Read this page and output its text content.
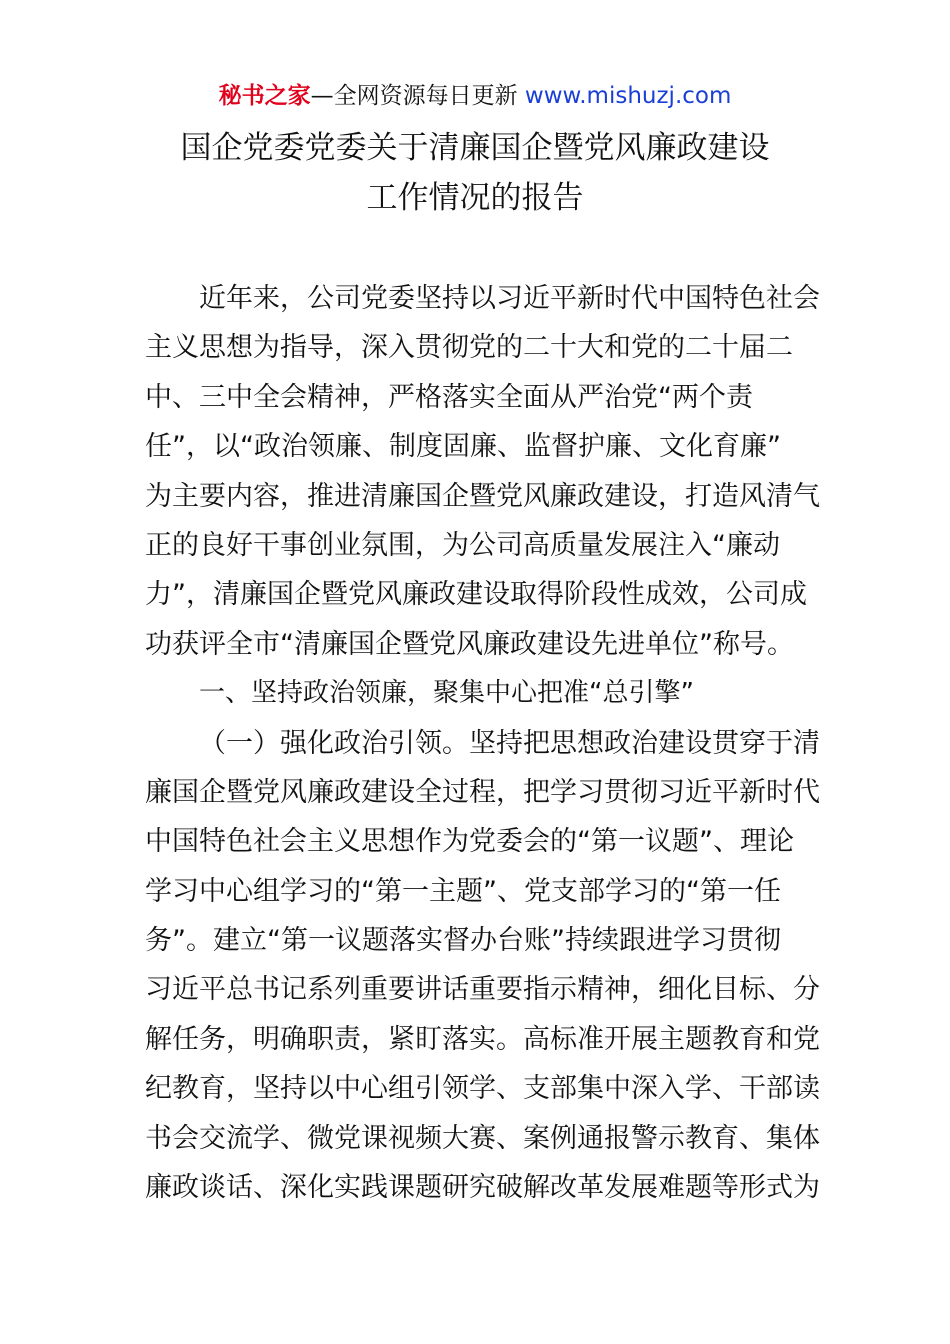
秘书之家—全网资源每日更新 www.mishuzj.com
国企党委党委关于清廉国企暨党风廉政建设
工作情况的报告
近年来，公司党委坚持以习近平新时代中国特色社会
主义思想为指导，深入贯彻党的二十大和党的二十届二
中、三中全会精神，严格落实全面从严治党“两个责
任”，以“政治领廉、制度固廉、监督护廉、文化育廉”
为主要内容，推进清廉国企暨党风廉政建设，打造风清气
正的良好干事创业氛围，为公司高质量发展注入“廉动
力”，清廉国企暨党风廉政建设取得阶段性成效，公司成
功获评全市“清廉国企暨党风廉政建设先进单位”称号。
一、坚持政治领廉，聚集中心把准“总引擎”
（一）强化政治引领。坚持把思想政治建设贯穿于清
廉国企暨党风廉政建设全过程，把学习贯彻习近平新时代
中国特色社会主义思想作为党委会的“第一议题”、理论
学习中心组学习的“第一主题”、党支部学习的“第一任
务”。建立“第一议题落实督办台账”持续跟进学习贯彻
习近平总书记系列重要讲话重要指示精神，细化目标、分
解任务，明确职责，紧盯落实。高标准开展主题教育和党
纪教育，坚持以中心组引领学、支部集中深入学、干部读
书会交流学、微党课视频大赛、案例通报警示教育、集体
廉政谈话、深化实践课题研究破解改革发展难题等形式为
